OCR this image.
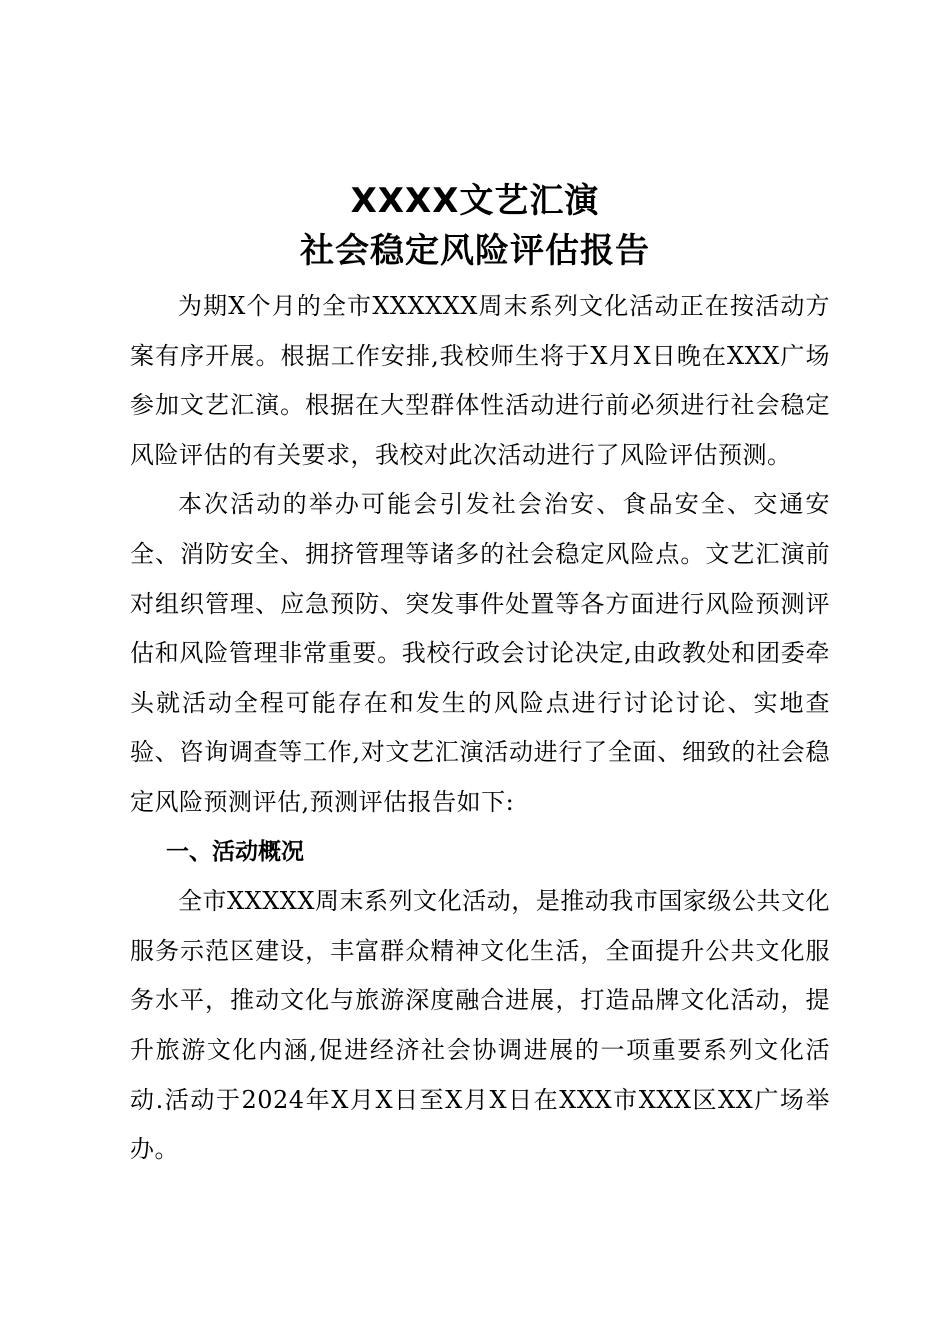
XXXX文艺汇演
社会稳定风险评估报告

为期X个月的全市XXXXXX周末系列文化活动正在按活动方案有序开展。根据工作安排,我校师生将于X月X日晚在XXX广场参加文艺汇演。根据在大型群体性活动进行前必须进行社会稳定风险评估的有关要求，我校对此次活动进行了风险评估预测。

本次活动的举办可能会引发社会治安、食品安全、交通安全、消防安全、拥挤管理等诸多的社会稳定风险点。文艺汇演前对组织管理、应急预防、突发事件处置等各方面进行风险预测评估和风险管理非常重要。我校行政会讨论决定,由政教处和团委牵头就活动全程可能存在和发生的风险点进行讨论讨论、实地查验、咨询调查等工作,对文艺汇演活动进行了全面、细致的社会稳定风险预测评估,预测评估报告如下:

一、活动概况

全市XXXXX周末系列文化活动，是推动我市国家级公共文化服务示范区建设，丰富群众精神文化生活，全面提升公共文化服务水平，推动文化与旅游深度融合进展，打造品牌文化活动，提升旅游文化内涵,促进经济社会协调进展的一项重要系列文化活动.活动于2024年X月X日至X月X日在XXX市XXX区XX广场举办。
